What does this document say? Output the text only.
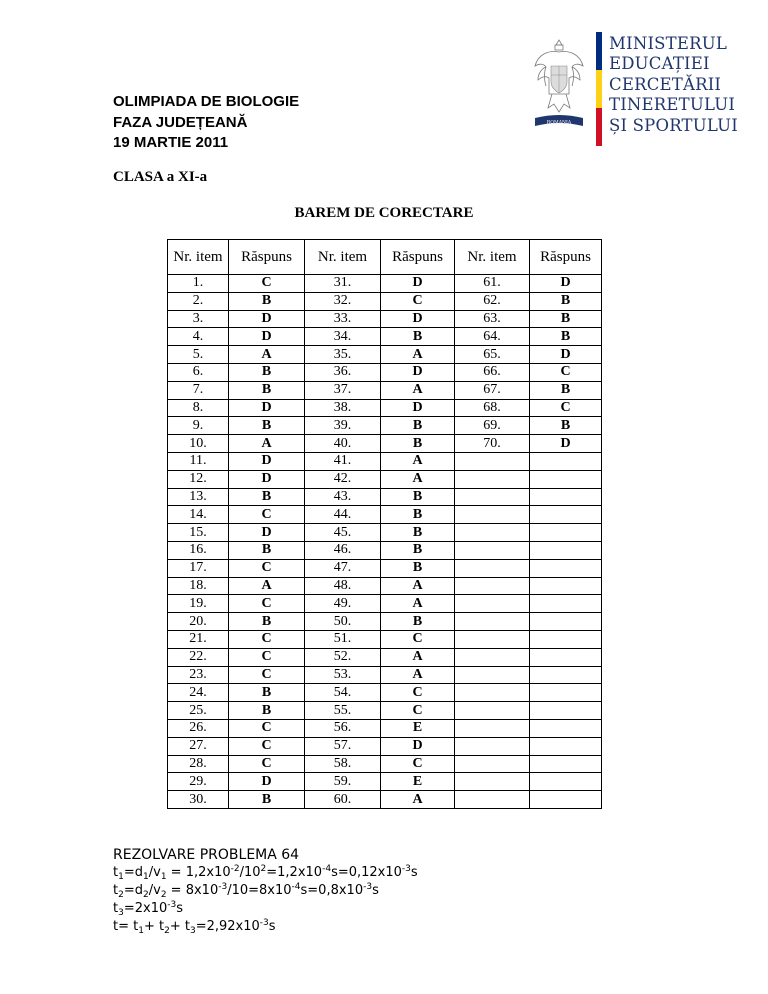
ROMANIA
MINISTERUL
EDUCAȚIEI
CERCETĂRII
TINERETULUI
ȘI SPORTULUI
OLIMPIADA DE BIOLOGIE
FAZA JUDEȚEANĂ
19 MARTIE 2011
CLASA a XI-a
BAREM DE CORECTARE
Nr. item	Răspuns	Nr. item	Răspuns	Nr. item	Răspuns
1.	C	31.	D	61.	D
2.	B	32.	C	62.	B
3.	D	33.	D	63.	B
4.	D	34.	B	64.	B
5.	A	35.	A	65.	D
6.	B	36.	D	66.	C
7.	B	37.	A	67.	B
8.	D	38.	D	68.	C
9.	B	39.	B	69.	B
10.	A	40.	B	70.	D
11.	D	41.	A		
12.	D	42.	A		
13.	B	43.	B		
14.	C	44.	B		
15.	D	45.	B		
16.	B	46.	B		
17.	C	47.	B		
18.	A	48.	A		
19.	C	49.	A		
20.	B	50.	B		
21.	C	51.	C		
22.	C	52.	A		
23.	C	53.	A		
24.	B	54.	C		
25.	B	55.	C		
26.	C	56.	E		
27.	C	57.	D		
28.	C	58.	C		
29.	D	59.	E		
30.	B	60.	A		
REZOLVARE PROBLEMA 64
$t_1=d_1/v_1 = 1,2x10^{-2}/10^2=1,2x10^{-4}s=0,12x10^{-3}s$
$t_2=d_2/v_2 = 8x10^{-3}/10=8x10^{-4}s=0,8x10^{-3}s$
$t_3=2x10^{-3}s$
$t= t_1+ t_2+ t_3=2,92x10^{-3}s$
